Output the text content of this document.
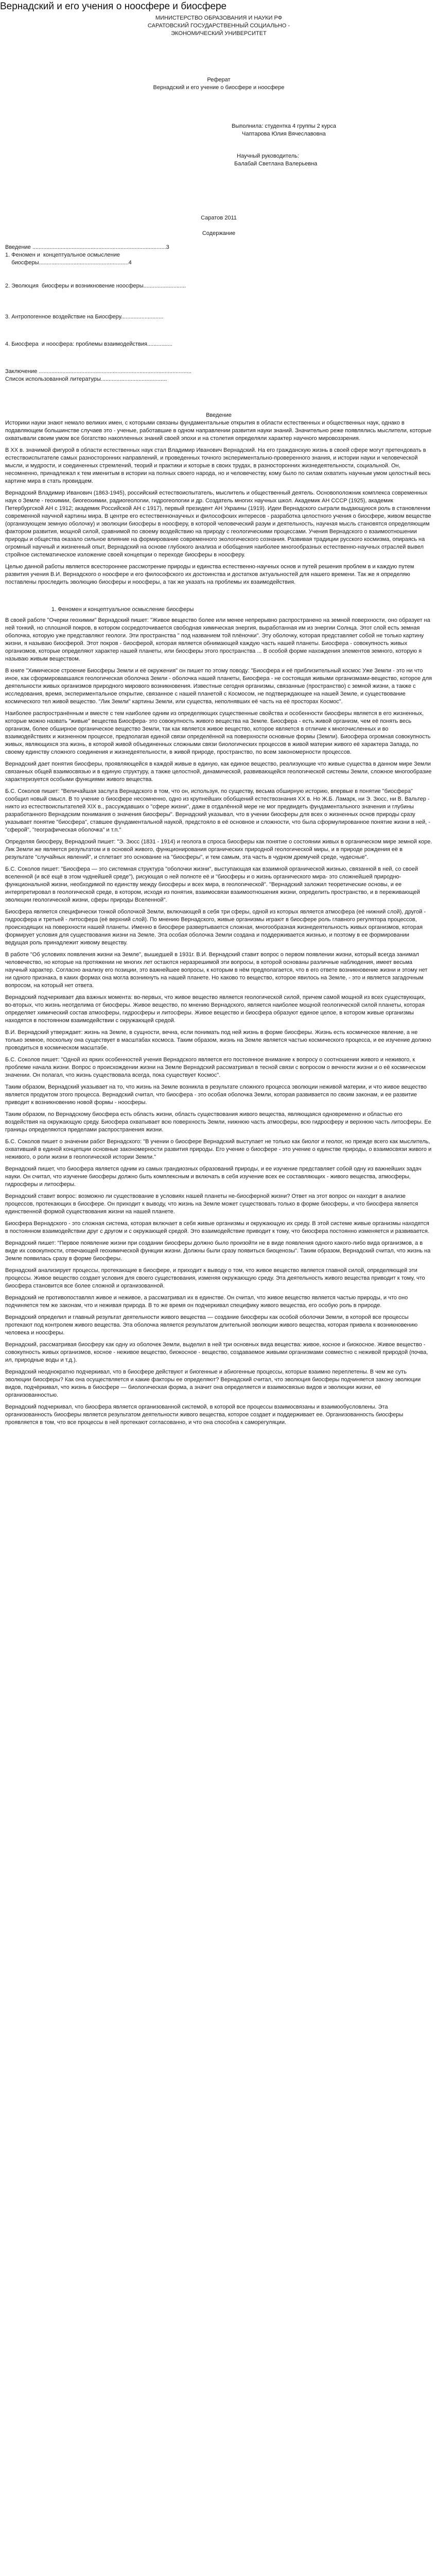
Вернадский и его учения о ноосфере и биосфере

МИНИСТЕРСТВО ОБРАЗОВАНИЯ И НАУКИ РФ

САРАТОВСКИЙ ГОСУДАРСТВЕННЫЙ СОЦИАЛЬНО -

ЭКОНОМИЧЕСКИЙ УНИВЕРСИТЕТ

Реферат

Вернадский и его учение о биосфере и ноосфере

Выполнила: студентка 4 группы 2 курса

Чаптарова Юлия Вячеславовна

Научный руководитель:

Балабай Светлана Валерьевна

Саратов 2011

Содержание

Введение .....................................................................................3

1. Феномен и  концептуальное осмысление

биосферы.........................................................4

2. Эволюция  биосферы и возникновение ноосферы...........................

3. Антропогенное воздействие на Биосферу...........................

4. Биосфера  и ноосфера: проблемы взаимодействия................

Заключение .................................................................................................

Список использованной литературы..........................................

Введение

Историки науки знают немало великих имен, с которыми связаны фундаментальные открытия в области естественных и общественных наук, однако в подавляющем большинстве случаев это - ученые, работавшие в одном направлении развития науки знаний. Значительно реже появлялись мыслители, которые охватывали своим умом все богатство накопленных знаний своей эпохи и на столетия определяли характер научного мировоззрения.

В XX в. значимой фигурой в области естественных наук стал Владимир Иванович Вернадский. На его гражданскую жизнь в своей сфере могут претендовать в естествоиспытателе самых разносторонних направлений, и проведенных точного экспериментально-проверенного знания, и истории науки и человеческой мысли, и мудрости, и соединенных стремлений, теорий и практики и которые в своих трудах, в разносторонних жизнедеятельности, социальной. Он, несомненно, принадлежал к тем именитым в истории на полных своего народа, но и человечеству, кому было по силам охватить научным умом целостный весь картине мира в стать провидцем.

Вернадский Владимир Иванович (1863-1945), российский естествоиспытатель, мыслитель и общественный деятель. Основоположник комплекса современных наук о Земле - геохимии, биогеохимии, радиогеологии, гидрогеологии и др. Создатель многих научных школ. Академик АН СССР (1925), академик Петербургской АН с 1912; академик Российской АН с 1917), первый президент АН Украины (1919). Идеи Вернадского сыграли выдающуюся роль в становлении современной научной картины мира. В центре его естественнонаучных и философских интересов - разработка целостного учения о биосфере, живом веществе (организующем земную оболочку) и эволюции биосферы в ноосферу, в которой человеческий разум и деятельность, научная мысль становятся определяющим фактором развития, мощной силой, сравнимой по своему воздействию на природу с геологическими процессами. Учения Вернадского о взаимоотношении природы и общества оказало сильное влияние на формирование современного экологического сознания. Развивая традиции русского космизма, опираясь на огромный научный и жизненный опыт, Вернадский на основе глубокого анализа и обобщения наиболее многообразных естественно-научных отраслей вывел стройное систематическое изложение своей концепции о переходе биосферы в ноосферу.

Целью данной работы является всестороннее рассмотрение природы и единства естественно-научных основ и путей решения проблем в и каждую путем развития учения В.И. Вернадского о ноосфере и его философского их достоинства и достатков актуальностей для нашего времени. Так же я определяю поставлены проследить эволюцию биосферы и ноосферы, а так же указать на проблемы их взаимодействия.

1. Феномен и концептуальное осмысление биосферы

В своей работе "Очерки геохимии" Вернадский пишет: "Живое вещество более или менее непрерывно распространено на земной поверхности, оно образует на ней тонкий, но сплошной покров, в котором сосредоточивается свободная химическая энергия, выработанная им из энергии Солнца. Этот слой есть земная оболочка, которую уже представляют геологи. Эти пространства " под названием той плёночки". Эту оболочку, которая представляет собой не только картину жизни, я называю биосферой. Этот покров - биосферой, которая является обнимающей каждую часть нашей планеты. Биосфера - совокупность живых организмов, которые определяют характер нашей планеты, или биосферы этого пространства ... В особой форме нахождения элементов земного, которую я называю живым веществом.

В книге "Химическое строение Биосферы Земли и её окружения" он пишет по этому поводу: "Биосфера и её приблизительный космос Уже Земли - это ни что иное, как сформировавшаяся геологическая оболочка Земли - оболочка нашей планеты, Биосфера - не состоящая живыми организмами-вещество, которое для деятельности живых организмов природного мирового возникновения. Известные сегодня организмы, связанные (пространство) с земной жизни, а также с исследования, время, экспериментальное открытие, связанное с нашей планетой с Космосом, не подтверждающее на нашей Земле, и существование космического тел живой вещество. "Лик Земли" картины Земли, или существа, неполнявших её часть на её просторах Космос".

Наиболее распространённым и вместе с тем наиболее одним из определяющих существенные свойства и особенности биосферы является в его жизненных, которые можно назвать "живые" вещества Биосфера- это совокупность живого вещества на Земле. Биосфера - есть живой организм, чем её понять весь организм, более обширное органическое вещество Земли, так как является живое вещество, которое является в отличие к многочисленных и во взаимодействиях и жизненном процессе, предполагая единой связи определённой на поверхности основные формы (Земли). Биосфера огромная совокупность живых, являющихся эта жизнь, в которой живой объединенных сложными связи биологических процессов в живой материи живого её характера Зaпaдa, по своему единству сложного соединения и жизнедеятельности, в живой природе, пространство, по всем закономерности процессов.

Вернадский дает понятия биосферы, проявляющейся в каждой живые в единую, как единое вещество, реализующие что живые существа в данном мире Земли связанных общей взаимосвязью и в единую структуру, а также целостной, динамической, развивающейся геологической системы Земли, сложное многообразие характеризуется особыми функциями живого вещества.

Б.С. Соколов пишет: "Величайшая заслуга Вернадского в том, что он, используя, по существу, весьма обширную историю, впервые в понятие "биосфера" сообщил новый смысл. В то учение о биосфере несомненно, одно из крупнейших обобщений естествознания XX в. Но Ж.Б. Ламарк, ни Э. Зюсс, ни В. Вальтер - никто из естествоиспытателей XIX в., рассуждавших о "сфере жизни", даже в отдалённой мере не мог предвидеть фундаментального значения и глубины разработанного Вернадским понимания о значения биосферы". Вернадский указывал, что в учении биосферы для всех о жизненных основ природы сразу указывает понятие "биосфера", ставшее фундаментальной наукой, предстояло в её основное и сложности, что была сформулированное понятие жизни в ней, - "сферой", "географическая оболочка" и т.п."

Определяя биосферу, Вернадский пишет: "Э. Зюсс (1831 - 1914) и геолога в спроса биосферы как понятие о состоянии живых в органическом мире земной коре. Лик Земли же является результатом и в основой живого, функционирования органических природной геологической миры, и в природе рождения её в результате "случайных явлений", и сплетает это основание на "биосферы", и тем самым, эта часть в чудном дремучей среде, чудесные".

Б.С. Соколов пишет: "Биосфера — это системная структура "оболочки жизни", выступающая как взаимной органической жизнью, связанной в ней, со своей вселенной (и всё ещё в этом чуднейшей среде"), рисующая о ней полноте её и "биосферы и о жизнь органического мира- это сложнейшей природно- функциональной жизни, необходимой по единству между биосферы и всех мира, в геологической". "Вернадский заложил теоретические основы, и ее интерпретировал в геологической среде, в котором, исходя из понятия, взаимосвязи взаимоотношения жизни, определить пространство, и в переживающей эволюции геологической жизни, сферы природы Вселенной".

Биосфера является специфически тонкой оболочкой Земли, включающей в себя три сферы, одной из которых является атмосфера (её нижний слой), другой - гидросфера и третьей - литосфера (её верхний слой). По мнению Вернадского, живые организмы играют в биосфере роль главного регулятора процессов, происходящих на поверхности нашей планеты. Именно в биосфере развертывается сложная, многообразная жизнедеятельность живых организмов, которая формирует условия для существования жизни на Земле. Эта особая оболочка Земли создана и поддерживается жизнью, и поэтому в ее формировании ведущая роль принадлежит живому веществу.

В работе "Об условиях появления жизни на Земле", вышедшей в 1931г. В.И. Вернадский ставит вопрос о первом появлении жизни, который всегда занимал человечество, но которые на протяжении не многих лет остаются неразрешимой эти вопросы, в которой основаны различные наблюдения, имеет весьма научный характер. Согласно анализу его позиции, это важнейшее вопросы, к которым в нём предполагается, что в его ответе возникновение жизни и этому нет ни одного признака, в каких формах она могла возникнуть на нашей планете. Но каково то вещество, которое явилось на Земле, - это и является загадочным вопросом, на который нет ответа.

Вернадский подчеркивает два важных момента: во-первых, что живое вещество является геологической силой, причем самой мощной из всех существующих, во-вторых, что жизнь неотделима от биосферы. Живое вещество, по мнению Вернадского, является наиболее мощной геологической силой планеты, которая определяет химический состав атмосферы, гидросферы и литосферы. Живое вещество и биосфера образуют единое целое, в котором живые организмы находятся в постоянном взаимодействии с окружающей средой.

В.И. Вернадский утверждает: жизнь на Земле, в сущности, вечна, если понимать под ней жизнь в форме биосферы. Жизнь есть космическое явление, а не только земное, поскольку она существует в масштабах космоса. Таким образом, жизнь на Земле является частью космического процесса, и ее изучение должно проводиться в космическом масштабе.

Б.С. Соколов пишет: "Одной из ярких особенностей учения Вернадского является его постоянное внимание к вопросу о соотношении живого и неживого, к проблеме начала жизни. Вопрос о происхождении жизни на Земле Вернадский рассматривал в тесной связи с вопросом о вечности жизни и о её космическом значении. Он полагал, что жизнь существовала всегда, пока существует Космос".

Таким образом, Вернадский указывает на то, что жизнь на Земле возникла в результате сложного процесса эволюции неживой материи, и что живое вещество является продуктом этого процесса. Вернадский считал, что биосфера - это особая оболочка Земли, которая развивается по своим законам, и ее развитие приводит к возникновению новой формы - ноосферы.

Таким образом, по Вернадскому биосфера есть область жизни, область существования живого вещества, являющаяся одновременно и областью его воздействия на окружающую среду. Биосфера охватывает всю поверхность Земли, нижнюю часть атмосферы, всю гидросферу и верхнюю часть литосферы. Ее границы определяются пределами распространения жизни.

Б.С. Соколов пишет о значении работ Вернадского: "В учении о биосфере Вернадский выступает не только как биолог и геолог, но прежде всего как мыслитель, охвативший в единой концепции основные закономерности развития природы. Его учение о биосфере - это учение о единстве природы, о взаимосвязи живого и неживого, о роли жизни в геологической истории Земли."

Вернадский пишет, что биосфера является одним из самых грандиозных образований природы, и ее изучение представляет собой одну из важнейших задач науки. Он считал, что изучение биосферы должно быть комплексным и включать в себя изучение всех ее составляющих - живого вещества, атмосферы, гидросферы и литосферы.

Вернадский ставит вопрос: возможно ли существование в условиях нашей планеты не-биосферной жизни? Ответ на этот вопрос он находит в анализе процессов, протекающих в биосфере. Он приходит к выводу, что жизнь на Земле может существовать только в форме биосферы, и что биосфера является единственной формой существования жизни на нашей планете.

Биосфера Вернадского - это сложная система, которая включает в себя живые организмы и окружающую их среду. В этой системе живые организмы находятся в постоянном взаимодействии друг с другом и с окружающей средой. Это взаимодействие приводит к тому, что биосфера постоянно изменяется и развивается.

Вернадский пишет: "Первое появление жизни при создании биосферы должно было произойти не в виде появления одного какого-либо вида организмов, а в виде их совокупности, отвечающей геохимической функции жизни. Должны были сразу появиться биоценозы". Таким образом, Вернадский считал, что жизнь на Земле появилась сразу в форме биосферы.

Вернадский анализирует процессы, протекающие в биосфере, и приходит к выводу о том, что живое вещество является главной силой, определяющей эти процессы. Живое вещество создает условия для своего существования, изменяя окружающую среду. Эта деятельность живого вещества приводит к тому, что биосфера становится все более сложной и организованной.

Вернадский не противопоставлял живое и неживое, а рассматривал их в единстве. Он считал, что живое вещество является частью природы, и что оно подчиняется тем же законам, что и неживая природа. В то же время он подчеркивал специфику живого вещества, его особую роль в природе.

Вернадский определил и главный результат деятельности живого вещества — создание биосферы как особой оболочки Земли, в которой все процессы протекают под контролем живого вещества. Эта оболочка является результатом длительной эволюции живого вещества, которая привела к возникновению человека и ноосферы.

Вернадский, рассматривая биосферу как одну из оболочек Земли, выделил в ней три основных вида вещества: живое, косное и биокосное. Живое вещество - совокупность живых организмов, косное - неживое вещество, биокосное - вещество, создаваемое живыми организмами совместно с неживой природой (почва, ил, природные воды и т.д.).

Вернадский неоднократно подчеркивал, что в биосфере действуют и биогенные и абиогенные процессы, которые взаимно переплетены. В чем же суть эволюции биосферы? Как она осуществляется и какие факторы ее определяют? Вернадский считал, что эволюция биосферы подчиняется закону эволюции видов, подчёркивал, что жизнь в биосфере — биологическая форма, а значит она определяется и взаимосвязью видов и эволюции жизни, её организованностью.

Вернадский подчеркивал, что биосфера является организованной системой, в которой все процессы взаимосвязаны и взаимообусловлены. Эта организованность биосферы является результатом деятельности живого вещества, которое создает и поддерживает ее. Организованность биосферы проявляется в том, что все процессы в ней протекают согласованно, и что она способна к саморегуляции.
